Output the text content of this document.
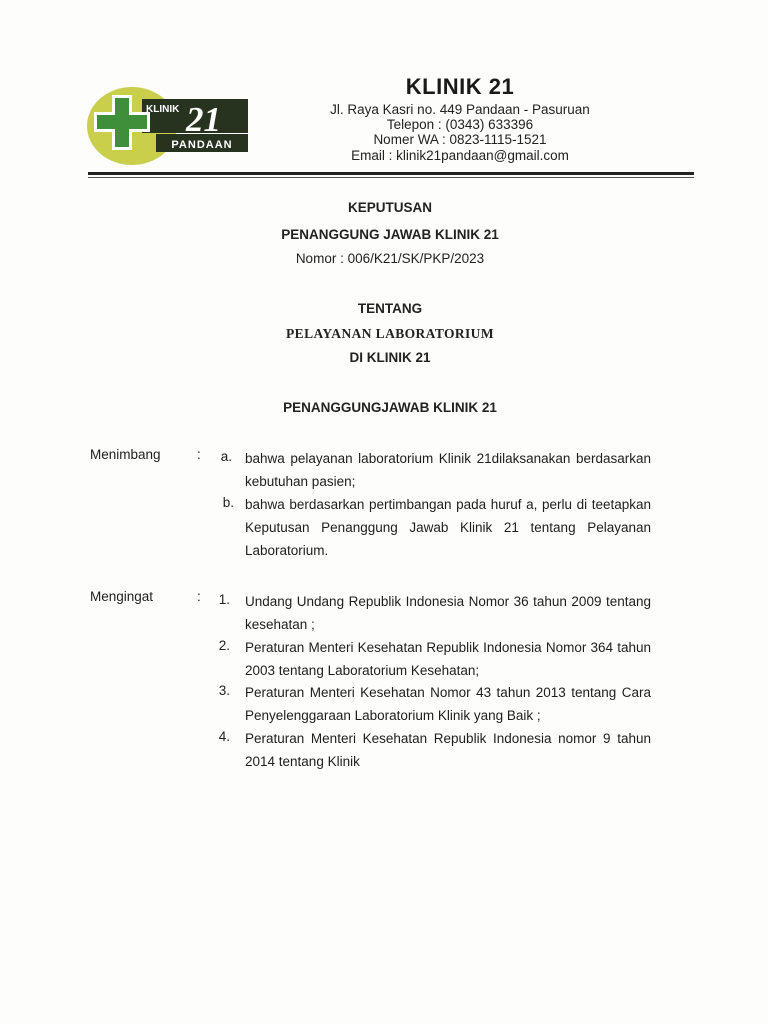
KLINIK 21
PANDAAN
KLINIK 21
Jl. Raya Kasri no. 449 Pandaan - Pasuruan
Telepon : (0343) 633396
Nomer WA : 0823-1115-1521
Email : klinik21pandaan@gmail.com
KEPUTUSAN
PENANGGUNG JAWAB KLINIK 21
Nomor : 006/K21/SK/PKP/2023
TENTANG
PELAYANAN LABORATORIUM
DI KLINIK 21
PENANGGUNGJAWAB KLINIK 21
Menimbang	:	a. bahwa pelayanan laboratorium Klinik 21dilaksanakan berdasarkan kebutuhan pasien;
b. bahwa berdasarkan pertimbangan pada huruf a, perlu di teetapkan Keputusan Penanggung Jawab Klinik 21 tentang Pelayanan Laboratorium.
Mengingat	:	1. Undang Undang Republik Indonesia Nomor 36 tahun 2009 tentang kesehatan ;
2. Peraturan Menteri Kesehatan Republik Indonesia Nomor 364 tahun 2003 tentang Laboratorium Kesehatan;
3. Peraturan Menteri Kesehatan Nomor 43 tahun 2013 tentang Cara Penyelenggaraan Laboratorium Klinik yang Baik ;
4. Peraturan Menteri Kesehatan Republik Indonesia nomor 9 tahun 2014 tentang Klinik
